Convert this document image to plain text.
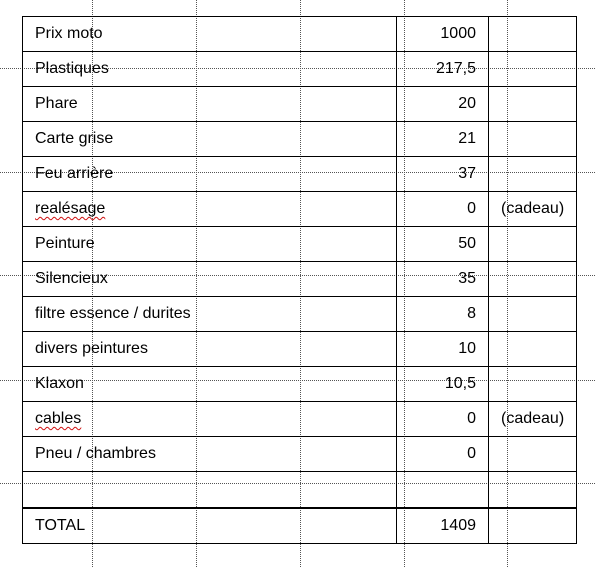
Prix moto	1000
Plastiques	217,5
Phare	20
Carte grise	21
Feu arrière	37
realésage	0 (cadeau)
Peinture	50
Silencieux	35
filtre essence / durites	8
divers peintures	10
Klaxon	10,5
cables	0 (cadeau)
Pneu / chambres	0
TOTAL	1409
